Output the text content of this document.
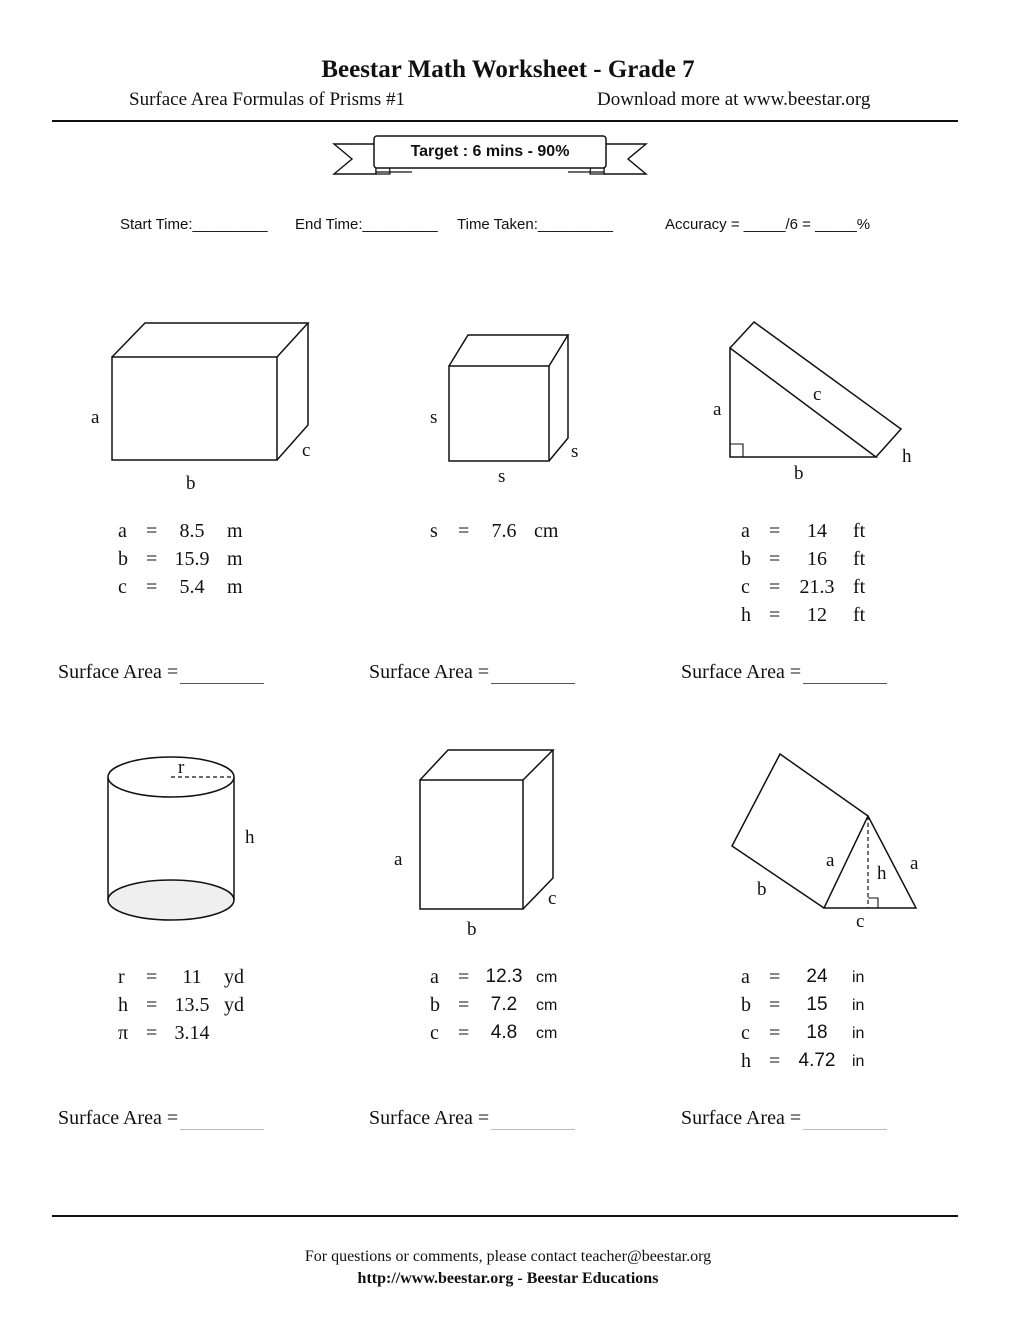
Beestar Math Worksheet - Grade 7
Surface Area Formulas of Prisms #1	Download more at www.beestar.org
Target : 6 mins - 90%
Start Time:_________ End Time:_________ Time Taken:_________	Accuracy = _____/6 = _____%
a
b
c
a =	8.5	m
b = 15.9 m
c =	5.4	m
Surface Area =
s
s
s
s =	7.6 cm
Surface Area =
a
b
c
h
a =	14	ft
b =	16	ft
c = 21.3 ft
h =	12	ft
Surface Area =
r
h
r =	11	yd
h = 13.5 yd
π = 3.14
Surface Area =
a
b
c
a = 12.3 cm
b =	7.2	cm
c =	4.8	cm
Surface Area =
a	a
h
b
c
a =	24	in
b =	15	in
c =	18	in
h = 4.72 in
Surface Area =
For questions or comments, please contact teacher@beestar.org
http://www.beestar.org - Beestar Educations
